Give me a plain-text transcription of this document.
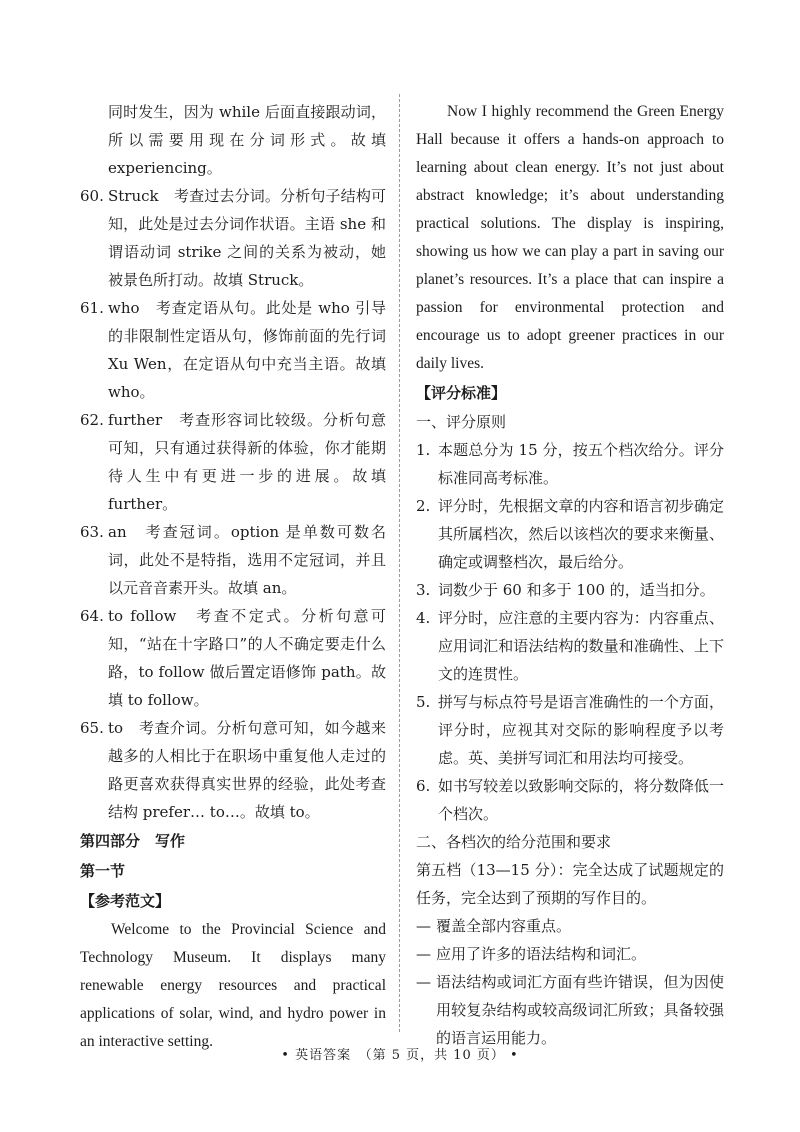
同时发生，因为 while 后面直接跟动词，所以需要用现在分词形式。故填 experiencing。
60. Struck　考查过去分词。分析句子结构可知，此处是过去分词作状语。主语 she 和谓语动词 strike 之间的关系为被动，她被景色所打动。故填 Struck。
61. who　考查定语从句。此处是 who 引导的非限制性定语从句，修饰前面的先行词 Xu Wen，在定语从句中充当主语。故填 who。
62. further　考查形容词比较级。分析句意可知，只有通过获得新的体验，你才能期待人生中有更进一步的进展。故填 further。
63. an　考查冠词。option 是单数可数名词，此处不是特指，选用不定冠词，并且以元音音素开头。故填 an。
64. to follow　考查不定式。分析句意可知，“站在十字路口”的人不确定要走什么路，to follow 做后置定语修饰 path。故填 to follow。
65. to　考查介词。分析句意可知，如今越来越多的人相比于在职场中重复他人走过的路更喜欢获得真实世界的经验，此处考查结构 prefer… to…。故填 to。
第四部分　写作
第一节
【参考范文】
Welcome to the Provincial Science and Technology Museum. It displays many renewable energy resources and practical applications of solar, wind, and hydro power in an interactive setting.
Now I highly recommend the Green Energy Hall because it offers a hands-on approach to learning about clean energy. It’s not just about abstract knowledge; it’s about understanding practical solutions. The display is inspiring, showing us how we can play a part in saving our planet’s resources. It’s a place that can inspire a passion for environmental protection and encourage us to adopt greener practices in our daily lives.
【评分标准】
一、评分原则
1. 本题总分为 15 分，按五个档次给分。评分标准同高考标准。
2. 评分时，先根据文章的内容和语言初步确定其所属档次，然后以该档次的要求来衡量、确定或调整档次，最后给分。
3. 词数少于 60 和多于 100 的，适当扣分。
4. 评分时，应注意的主要内容为：内容重点、应用词汇和语法结构的数量和准确性、上下文的连贯性。
5. 拼写与标点符号是语言准确性的一个方面，评分时，应视其对交际的影响程度予以考虑。英、美拼写词汇和用法均可接受。
6. 如书写较差以致影响交际的，将分数降低一个档次。
二、各档次的给分范围和要求
第五档（13—15 分）：完全达成了试题规定的任务，完全达到了预期的写作目的。
— 覆盖全部内容重点。
— 应用了许多的语法结构和词汇。
— 语法结构或词汇方面有些许错误，但为因使用较复杂结构或较高级词汇所致；具备较强的语言运用能力。
• 英语答案　（第 5 页，共 10 页） •
